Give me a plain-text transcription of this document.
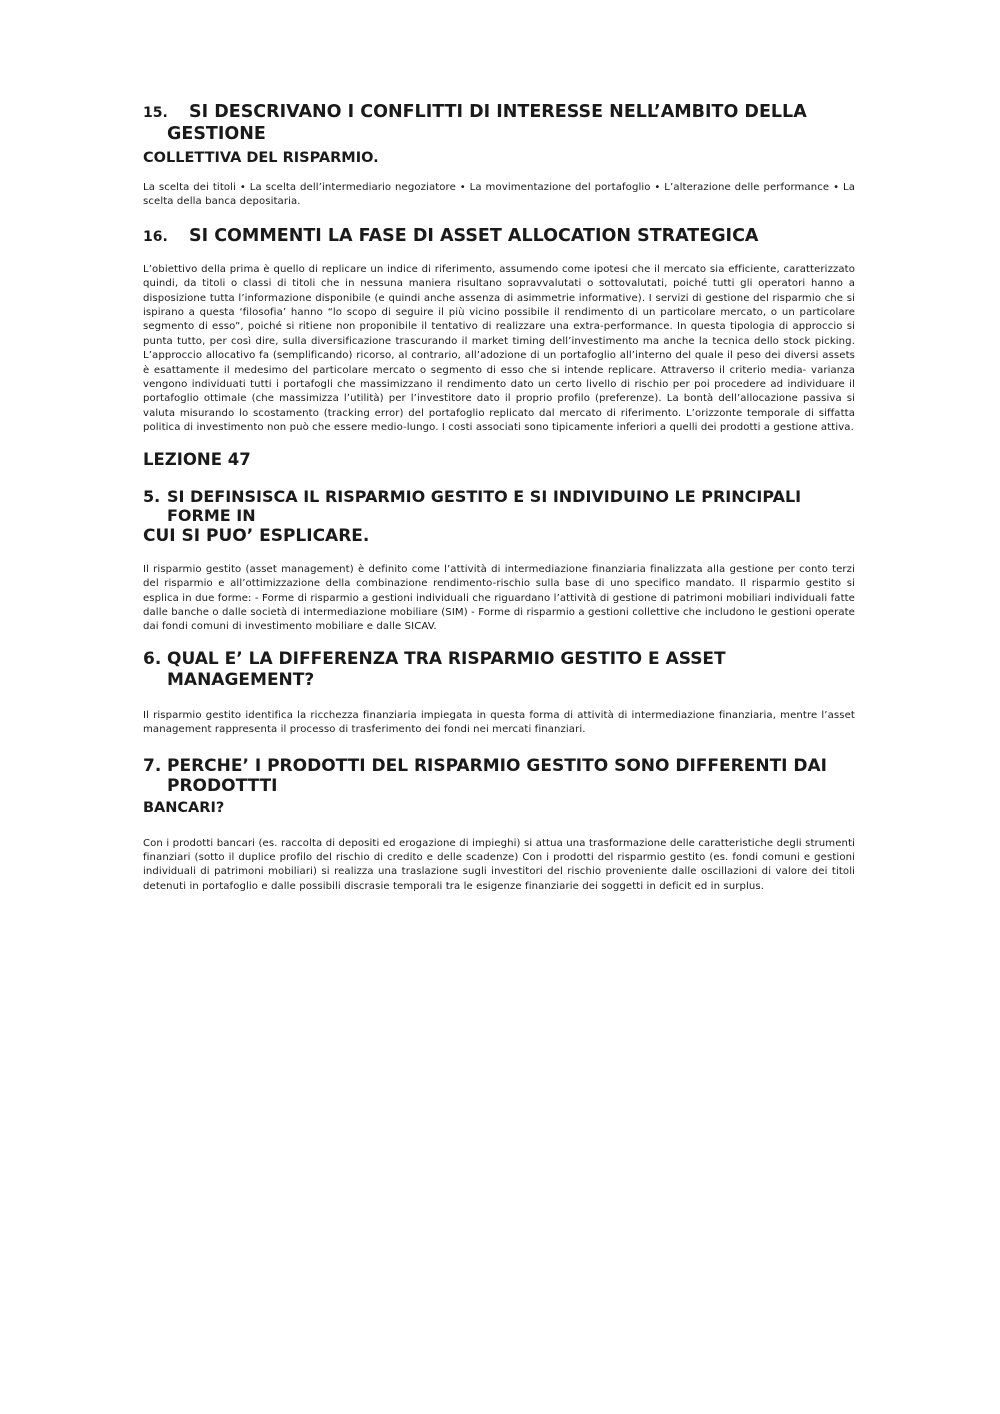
15. SI DESCRIVANO I CONFLITTI DI INTERESSE NELL’AMBITO DELLA
GESTIONE
COLLETTIVA DEL RISPARMIO.

La scelta dei titoli • La scelta dell’intermediario negoziatore • La movimentazione del portafoglio • L’alterazione delle performance • La scelta della banca depositaria.

16. SI COMMENTI LA FASE DI ASSET ALLOCATION STRATEGICA

L’obiettivo della prima è quello di replicare un indice di riferimento, assumendo come ipotesi che il mercato sia efficiente, caratterizzato quindi, da titoli o classi di titoli che in nessuna maniera risultano sopravvalutati o sottovalutati, poiché tutti gli operatori hanno a disposizione tutta l’informazione disponibile (e quindi anche assenza di asimmetrie informative). I servizi di gestione del risparmio che si ispirano a questa ‘filosofia’ hanno “lo scopo di seguire il più vicino possibile il rendimento di un particolare mercato, o un particolare segmento di esso”, poiché si ritiene non proponibile il tentativo di realizzare una extra-performance. In questa tipologia di approccio si punta tutto, per così dire, sulla diversificazione trascurando il market timing dell’investimento ma anche la tecnica dello stock picking. L’approccio allocativo fa (semplificando) ricorso, al contrario, all’adozione di un portafoglio all’interno del quale il peso dei diversi assets è esattamente il medesimo del particolare mercato o segmento di esso che si intende replicare. Attraverso il criterio media- varianza vengono individuati tutti i portafogli che massimizzano il rendimento dato un certo livello di rischio per poi procedere ad individuare il portafoglio ottimale (che massimizza l’utilità) per l’investitore dato il proprio profilo (preferenze). La bontà dell’allocazione passiva si valuta misurando lo scostamento (tracking error) del portafoglio replicato dal mercato di riferimento. L’orizzonte temporale di siffatta politica di investimento non può che essere medio-lungo. I costi associati sono tipicamente inferiori a quelli dei prodotti a gestione attiva.

LEZIONE 47
5. SI DEFINSISCA IL RISPARMIO GESTITO E SI INDIVIDUINO LE PRINCIPALI
FORME IN
CUI SI PUO’ ESPLICARE.

Il risparmio gestito (asset management) è definito come l’attività di intermediazione finanziaria finalizzata alla gestione per conto terzi del risparmio e all’ottimizzazione della combinazione rendimento-rischio sulla base di uno specifico mandato. Il risparmio gestito si esplica in due forme: - Forme di risparmio a gestioni individuali che riguardano l’attività di gestione di patrimoni mobiliari individuali fatte dalle banche o dalle società di intermediazione mobiliare (SIM) - Forme di risparmio a gestioni collettive che includono le gestioni operate dai fondi comuni di investimento mobiliare e dalle SICAV.

6. QUAL E’ LA DIFFERENZA TRA RISPARMIO GESTITO E ASSET
MANAGEMENT?

Il risparmio gestito identifica la ricchezza finanziaria impiegata in questa forma di attività di intermediazione finanziaria, mentre l’asset management rappresenta il processo di trasferimento dei fondi nei mercati finanziari.

7. PERCHE’ I PRODOTTI DEL RISPARMIO GESTITO SONO DIFFERENTI DAI
PRODOTTTI
BANCARI?

Con i prodotti bancari (es. raccolta di depositi ed erogazione di impieghi) si attua una trasformazione delle caratteristiche degli strumenti finanziari (sotto il duplice profilo del rischio di credito e delle scadenze) Con i prodotti del risparmio gestito (es. fondi comuni e gestioni individuali di patrimoni mobiliari) si realizza una traslazione sugli investitori del rischio proveniente dalle oscillazioni di valore dei titoli detenuti in portafoglio e dalle possibili discrasie temporali tra le esigenze finanziarie dei soggetti in deficit ed in surplus.
